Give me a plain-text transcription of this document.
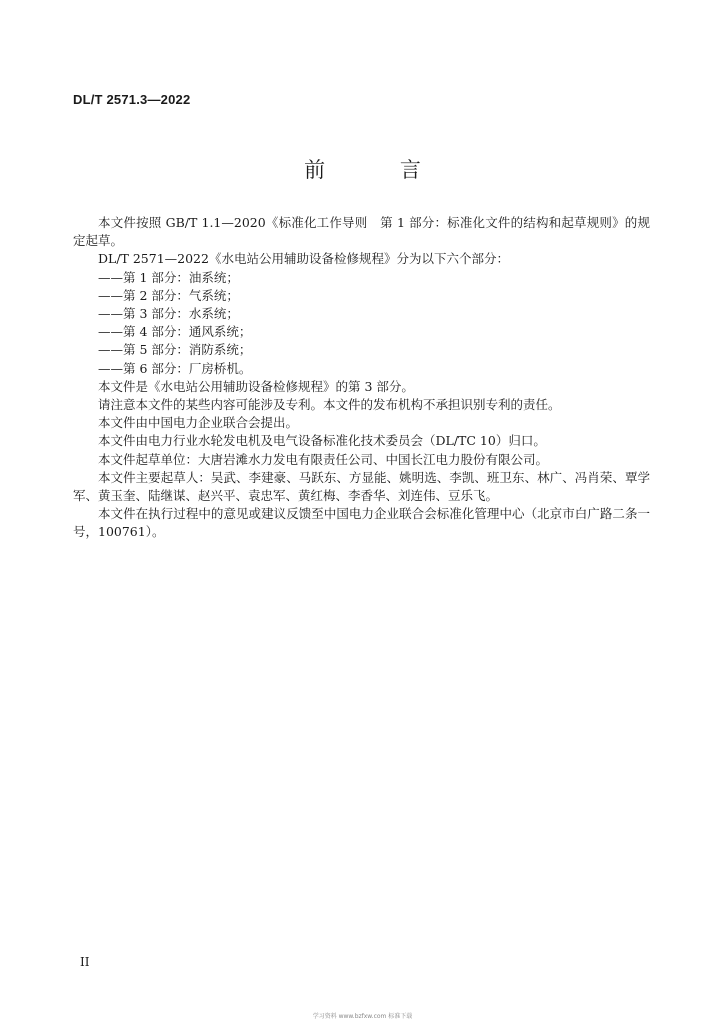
DL/T 2571.3—2022
前 言

本文件按照 GB/T 1.1—2020《标准化工作导则　第 1 部分：标准化文件的结构和起草规则》的规定起草。

DL/T 2571—2022《水电站公用辅助设备检修规程》分为以下六个部分：

——第 1 部分：油系统；

——第 2 部分：气系统；

——第 3 部分：水系统；

——第 4 部分：通风系统；

——第 5 部分：消防系统；

——第 6 部分：厂房桥机。

本文件是《水电站公用辅助设备检修规程》的第 3 部分。

请注意本文件的某些内容可能涉及专利。本文件的发布机构不承担识别专利的责任。

本文件由中国电力企业联合会提出。

本文件由电力行业水轮发电机及电气设备标准化技术委员会（DL/TC 10）归口。

本文件起草单位：大唐岩滩水力发电有限责任公司、中国长江电力股份有限公司。

本文件主要起草人：吴武、李建豪、马跃东、方显能、姚明选、李凯、班卫东、林广、冯肖荣、覃学军、黄玉奎、陆继谋、赵兴平、袁忠军、黄红梅、李香华、刘连伟、豆乐飞。

本文件在执行过程中的意见或建议反馈至中国电力企业联合会标准化管理中心（北京市白广路二条一号，100761）。

II
学习资料 www.bzfxw.com 标准下载
